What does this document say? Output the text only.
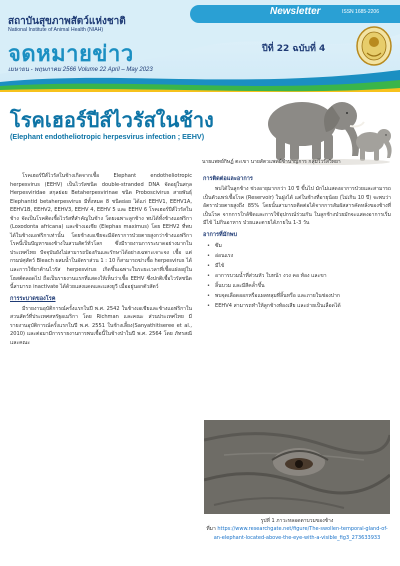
Newsletter	ISSN 1685-2206
สถาบันสุขภาพสัตว์แห่งชาติ
National Institute of Animal Health (NIAH)
จดหมายข่าว	ปีที่ 22 ฉบับที่ 4
เมษายน - พฤษภาคม 2566 Volume 22 April – May 2023
โรคเฮอร์ปีส์ไวรัสในช้าง
(Elephant endotheliotropic herpesvirus infection ; EEHV)
นายแพทย์กิษฏ์ ตะเขา นายสัตวแพทย์ชำนาญการ กลุ่มไวรัสวิทยา

โรคเฮอร์ปีส์ไวรัสในช้างเกิดจากเชื้อ Elephant endotheliotropic herpesvirus (EEHV) เป็นไวรัสชนิด double-stranded DNA จัดอยู่ในสกุล Herpesviridae สกุลย่อย Betaherpesvirinae ชนิด Proboscivirus สายพันธุ์ Elephantid betaherpesvirus มีทั้งหมด 8 ชนิดย่อย ได้แก่ EEHV1, EEHV1A, EEHV1B, EEHV2, EEHV3, EEHV 4, EEHV 5 และ EEHV 6 โรคเฮอร์ปีส์ไวรัสในช้าง จัดเป็นโรคติดเชื้อไวรัสที่สำคัญในช้าง โดยเฉพาะลูกช้าง พบได้ทั้งช้างแอฟริกา (Loxodonta africana) และช้างเอเชีย (Elephas maximus) โดย EEHV2 ที่พบได้ในช้างแอฟริกาเท่านั้น โดยช้างเอเชียจะมีอัตราการป่วยตายสูงกว่าช้างแอฟริกา โรคนี้เป็นปัญหาของช้างในสวนสัตว์ทั่วโลก ซึ่งมีรายงานการระบาดอย่างมากในประเทศไทย ปัจจุบันยังไม่สามารถป้องกันและรักษาได้อย่างเฉพาะเจาะจง เชื้อ แต่กรมปศุสัตว์ Bleach ผสมน้ำในอัตราส่วน 1 : 10 ก็สามารถฆ่าเชื้อ herpesvirus ได้ และการใช้ยาต้านไวรัส herpesvirus เกิดขึ้นเฉพาะในระยะเวลาที่เชื้อแฝงอยู่ในโฮสต์ตลอดไป ถือเป็นรายงานแรกที่แสดงให้เห็นว่าเชื้อ EEHV ซึ่งปกติเชื้อไวรัสชนิดนี้สามารถ inactivate ได้ด้วยแสงแดดและแสงยูวี เมื่ออยู่นอกตัวสัตว์

การระบาดของโรค

มีรายงานอุบัติการณ์ครั้งแรกในปี พ.ศ. 2542 ในช้างเอเชียและช้างแอฟริกาในสวนสัตว์ที่ประเทศสหรัฐอเมริกา โดย Richman และคณะ ส่วนประเทศไทย มีรายงานอุบัติการณ์ครั้งแรกในปี พ.ศ. 2551 ในช้างเลี้ยง(Sanyathitiseree et al., 2010) และต่อมามีการรายงานการพบเชื้อนี้ในช้างป่าในปี พ.ศ. 2564 โดย ภัทรสณี และคณะ

การติดต่อและอาการ

พบได้ในลูกช้าง ช่วงอายุมากกว่า 10 ปี ขึ้นไป มักไม่แสดงอาการป่วยและสามารถเป็นตัวแพร่เชื้อโรค (Reservoir) ในฝูงได้ แต่ในช้างที่อายุน้อย (ไม่เกิน 10 ปี) จะพบว่า อัตราป่วยตายสูงถึง 85% โดยนั้นสามารถติดต่อได้จากการสัมผัสสารคัดหลั่งของช้างที่เป็นโรค จากการใกล้ชิดและการใช้อุปกรณ์ร่วมกัน ในลูกช้างป่วยมักจะแสดงอาการเริ่มมีไข้ ไม่กินอาหาร ป่วยและตายได้ภายใน 1-3 วัน

อาการที่มักพบ
• ซึม
• อ่อนแรง
• มีไข้
• อาการบวมน้ำที่ส่วนหัว ใบหน้า งวง คอ ท้อง และขา
• ลิ้นบวม และมีสีคล้ำขึ้น
• พบจุดเลือดออกหรือแผลหลุมที่ลิ้นหรือ และภายในช่องปาก
• EEHV4 สามารถทำให้ลูกช้างท้องเสีย และถ่ายเป็นเลือดได้
รูปที่ 1 ภาวะหลอดตาบวมของช้าง
ที่มา https://www.researchgate.net/figure/The-swollen-temporal-gland-of-an-elephant-located-above-the-eye-with-a-visible_fig3_273633933
